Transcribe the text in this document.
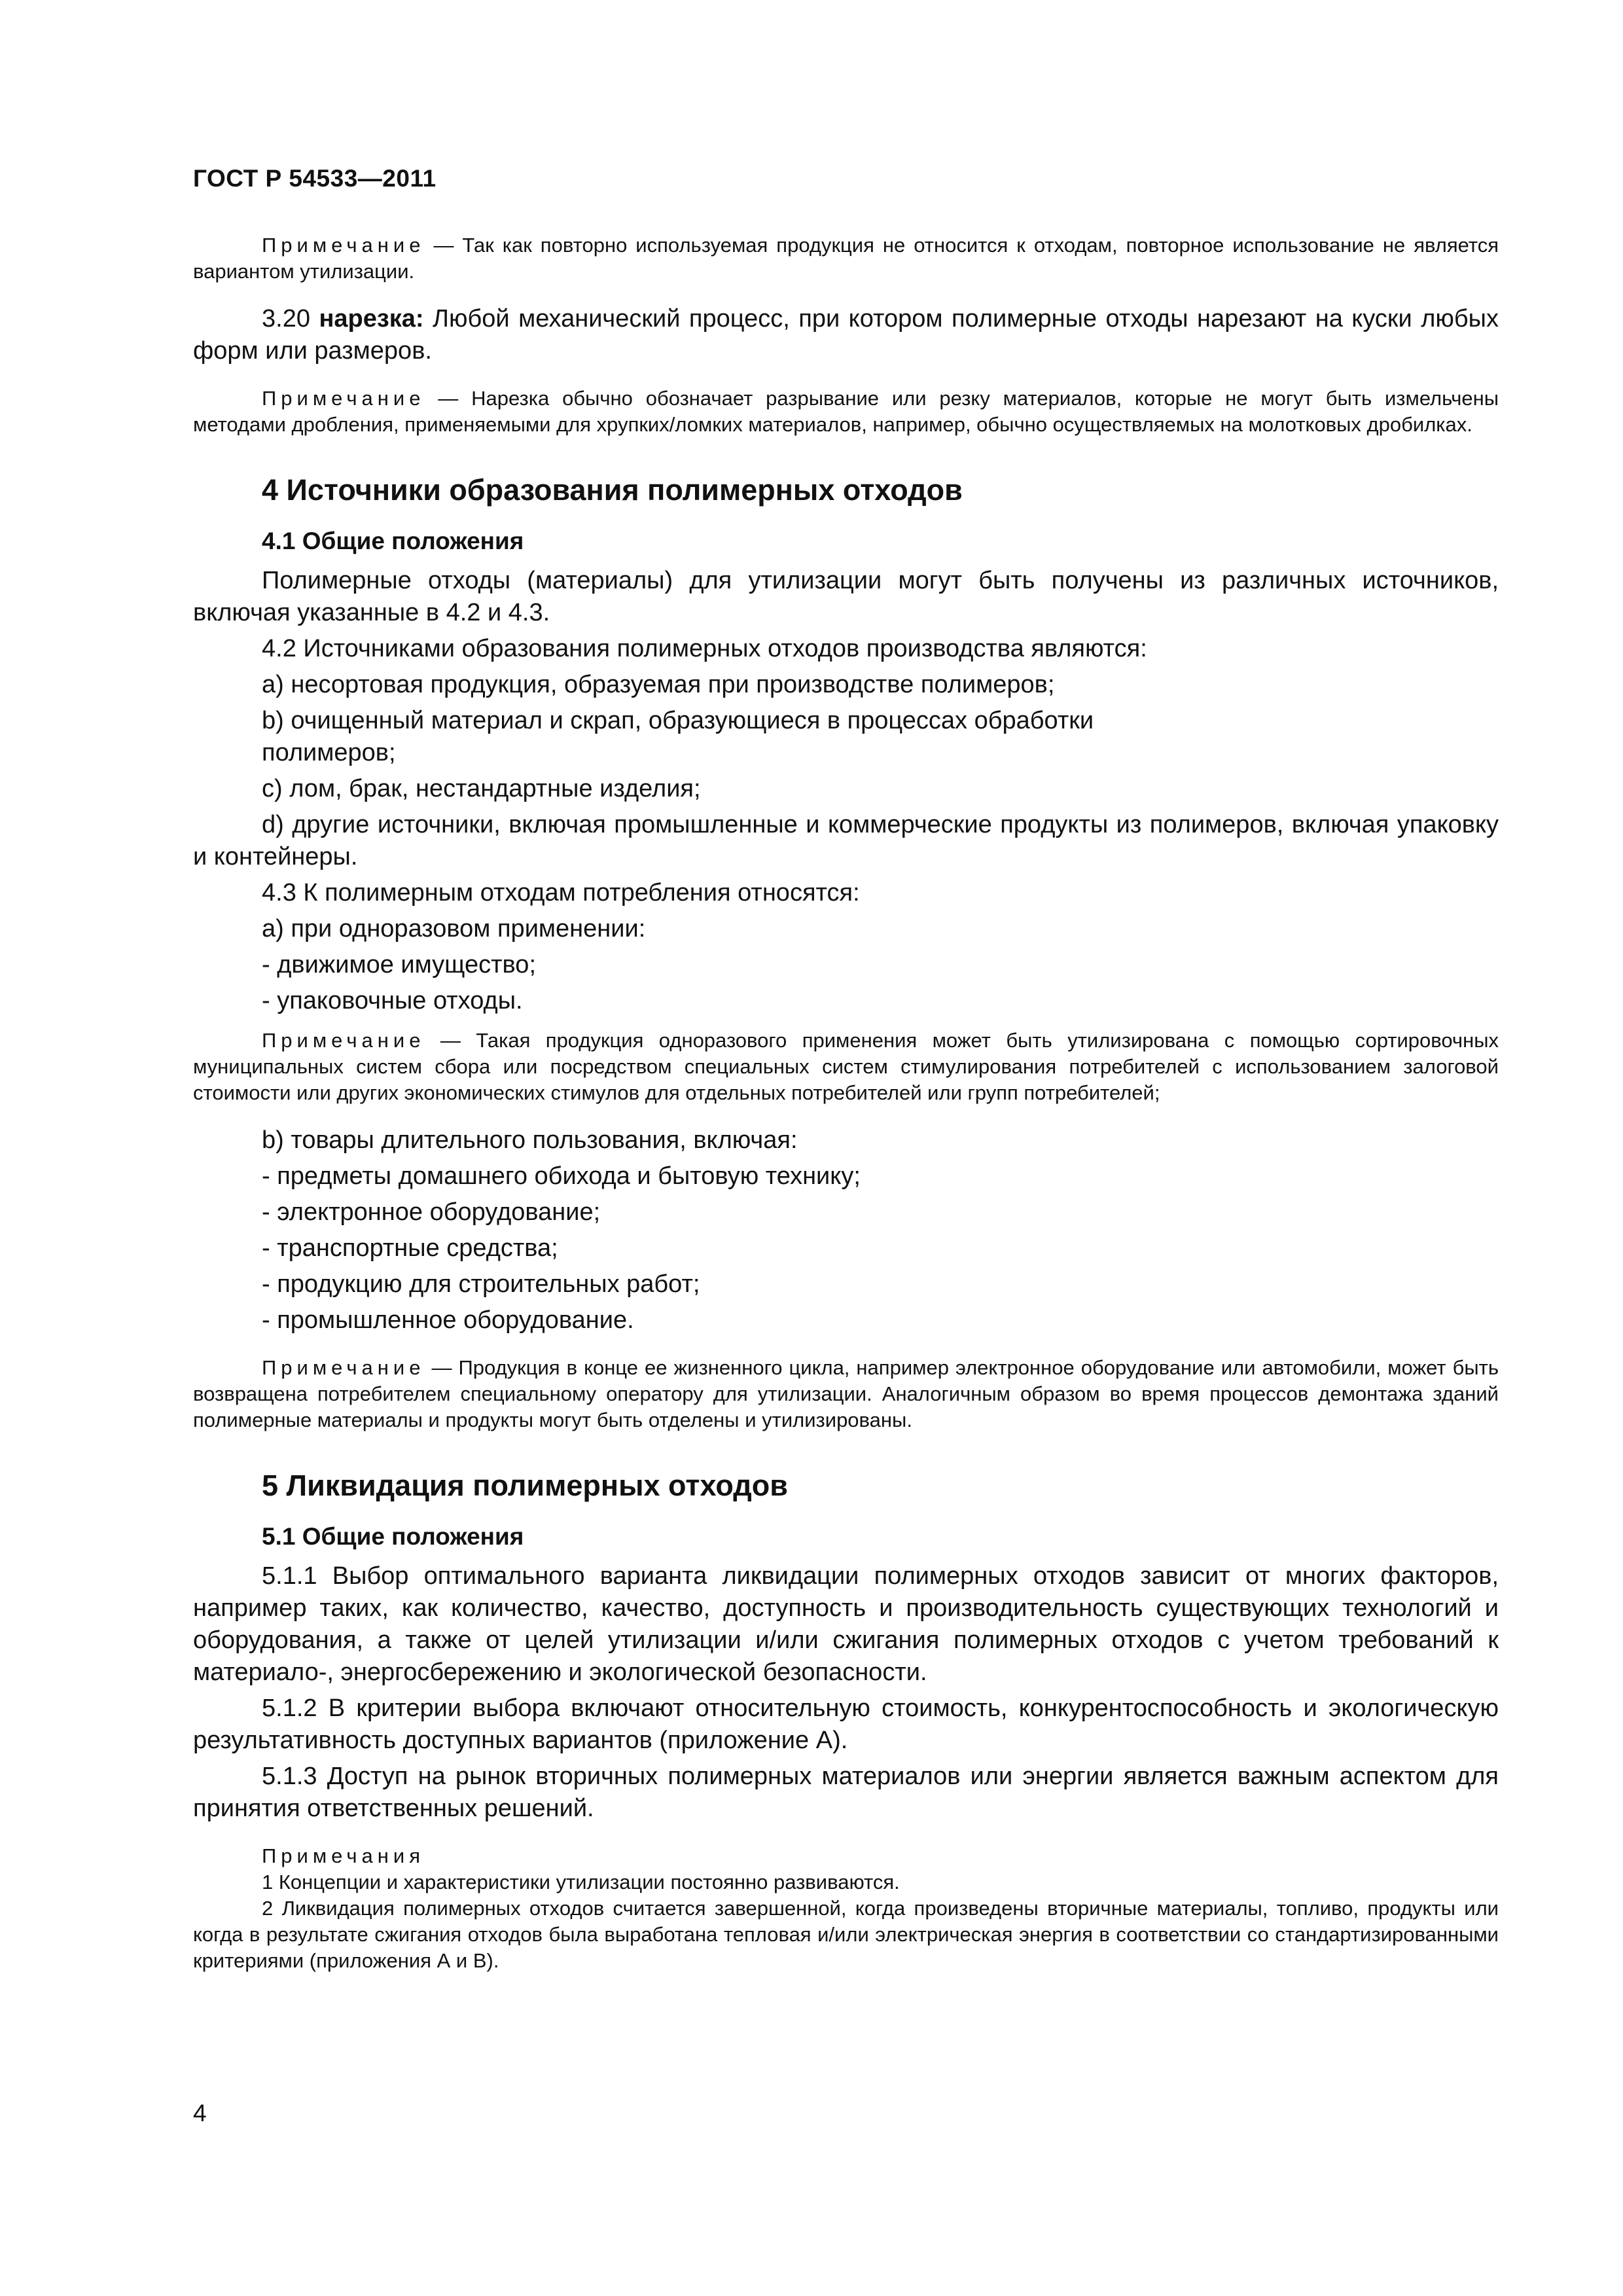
ГОСТ Р 54533—2011

Примечание — Так как повторно используемая продукция не относится к отходам, повторное использование не является вариантом утилизации.

3.20 нарезка: Любой механический процесс, при котором полимерные отходы нарезают на куски любых форм или размеров.

Примечание — Нарезка обычно обозначает разрывание или резку материалов, которые не могут быть измельчены методами дробления, применяемыми для хрупких/ломких материалов, например, обычно осуществляемых на молотковых дробилках.

4 Источники образования полимерных отходов
4.1 Общие положения

Полимерные отходы (материалы) для утилизации могут быть получены из различных источников, включая указанные в 4.2 и 4.3.

4.2 Источниками образования полимерных отходов производства являются:

a) несортовая продукция, образуемая при производстве полимеров;

b) очищенный материал и скрап, образующиеся в процессах обработки

полимеров;

c) лом, брак, нестандартные изделия;

d) другие источники, включая промышленные и коммерческие продукты из полимеров, включая упаковку и контейнеры.

4.3 К полимерным отходам потребления относятся:

a) при одноразовом применении:

- движимое имущество;

- упаковочные отходы.

Примечание — Такая продукция одноразового применения может быть утилизирована с помощью сортировочных муниципальных систем сбора или посредством специальных систем стимулирования потребителей с использованием залоговой стоимости или других экономических стимулов для отдельных потребителей или групп потребителей;

b) товары длительного пользования, включая:

- предметы домашнего обихода и бытовую технику;

- электронное оборудование;

- транспортные средства;

- продукцию для строительных работ;

- промышленное оборудование.

Примечание — Продукция в конце ее жизненного цикла, например электронное оборудование или автомобили, может быть возвращена потребителем специальному оператору для утилизации. Аналогичным образом во время процессов демонтажа зданий полимерные материалы и продукты могут быть отделены и утилизированы.

5 Ликвидация полимерных отходов
5.1 Общие положения

5.1.1 Выбор оптимального варианта ликвидации полимерных отходов зависит от многих факторов, например таких, как количество, качество, доступность и производительность существующих технологий и оборудования, а также от целей утилизации и/или сжигания полимерных отходов с учетом требований к материало-, энергосбережению и экологической безопасности.

5.1.2 В критерии выбора включают относительную стоимость, конкурентоспособность и экологическую результативность доступных вариантов (приложение А).

5.1.3 Доступ на рынок вторичных полимерных материалов или энергии является важным аспектом для принятия ответственных решений.

Примечания

1 Концепции и характеристики утилизации постоянно развиваются.

2 Ликвидация полимерных отходов считается завершенной, когда произведены вторичные материалы, топливо, продукты или когда в результате сжигания отходов была выработана тепловая и/или электрическая энергия в соответствии со стандартизированными критериями (приложения А и В).

4
